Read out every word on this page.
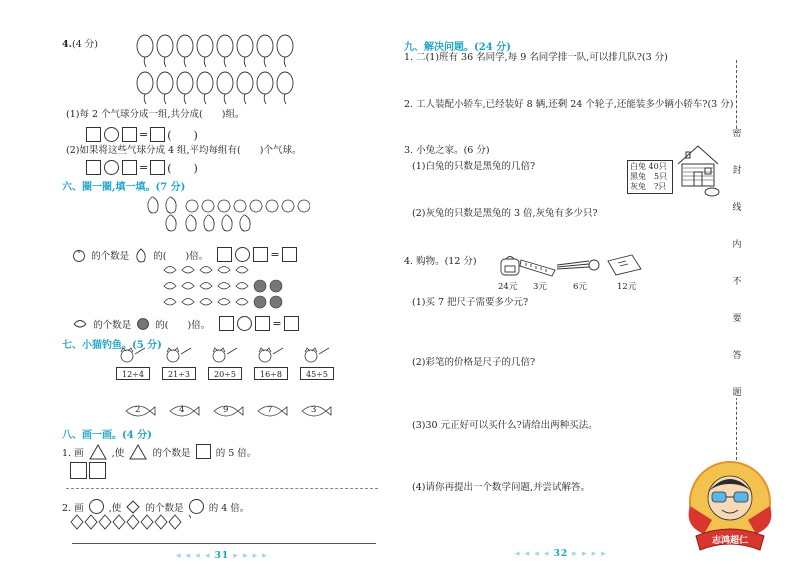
4. (4 分)
(1)每 2 个气球分成一组,共分成(　　)组。
= (　　)
(2)如果将这些气球分成 4 组,平均每组有(　　)个气球。
= (　　)
六、圈一圈,填一填。(7 分)
的个数是	的(　　)倍。	=
的个数是	的(　　)倍。	=
七、小猫钓鱼。(5 分)
12÷4	21÷3	20÷5	16÷8	45÷5
2	4	9	7	3
八、画一画。(4 分)
1. 画	,使	的个数是	的 5 倍。
2. 画	,使	的个数是	的 4 倍。
◂ ◂ ◂ ◂ 31 ▸ ▸ ▸ ▸
九、解决问题。(24 分)
1. 二(1)班有 36 名同学,每 9 名同学排一队,可以排几队?(3 分)
2. 工人装配小轿车,已经装好 8 辆,还剩 24 个轮子,还能装多少辆小轿车?(3 分)
3. 小兔之家。(6 分)
(1)白兔的只数是黑兔的几倍?	白兔 40只
黑兔　5只
灰兔　?只
(2)灰兔的只数是黑兔的 3 倍,灰兔有多少只?
4. 购物。(12 分)
24元 3元	6元	12元
(1)买 7 把尺子需要多少元?
(2)彩笔的价格是尺子的几倍?
(3)30 元正好可以买什么?请给出两种买法。
(4)请你再提出一个数学问题,并尝试解答。
◂ ◂ ◂ ◂ 32 ▸ ▸ ▸ ▸
密
封
线
内
不
要
答
题
志鸿超仁
